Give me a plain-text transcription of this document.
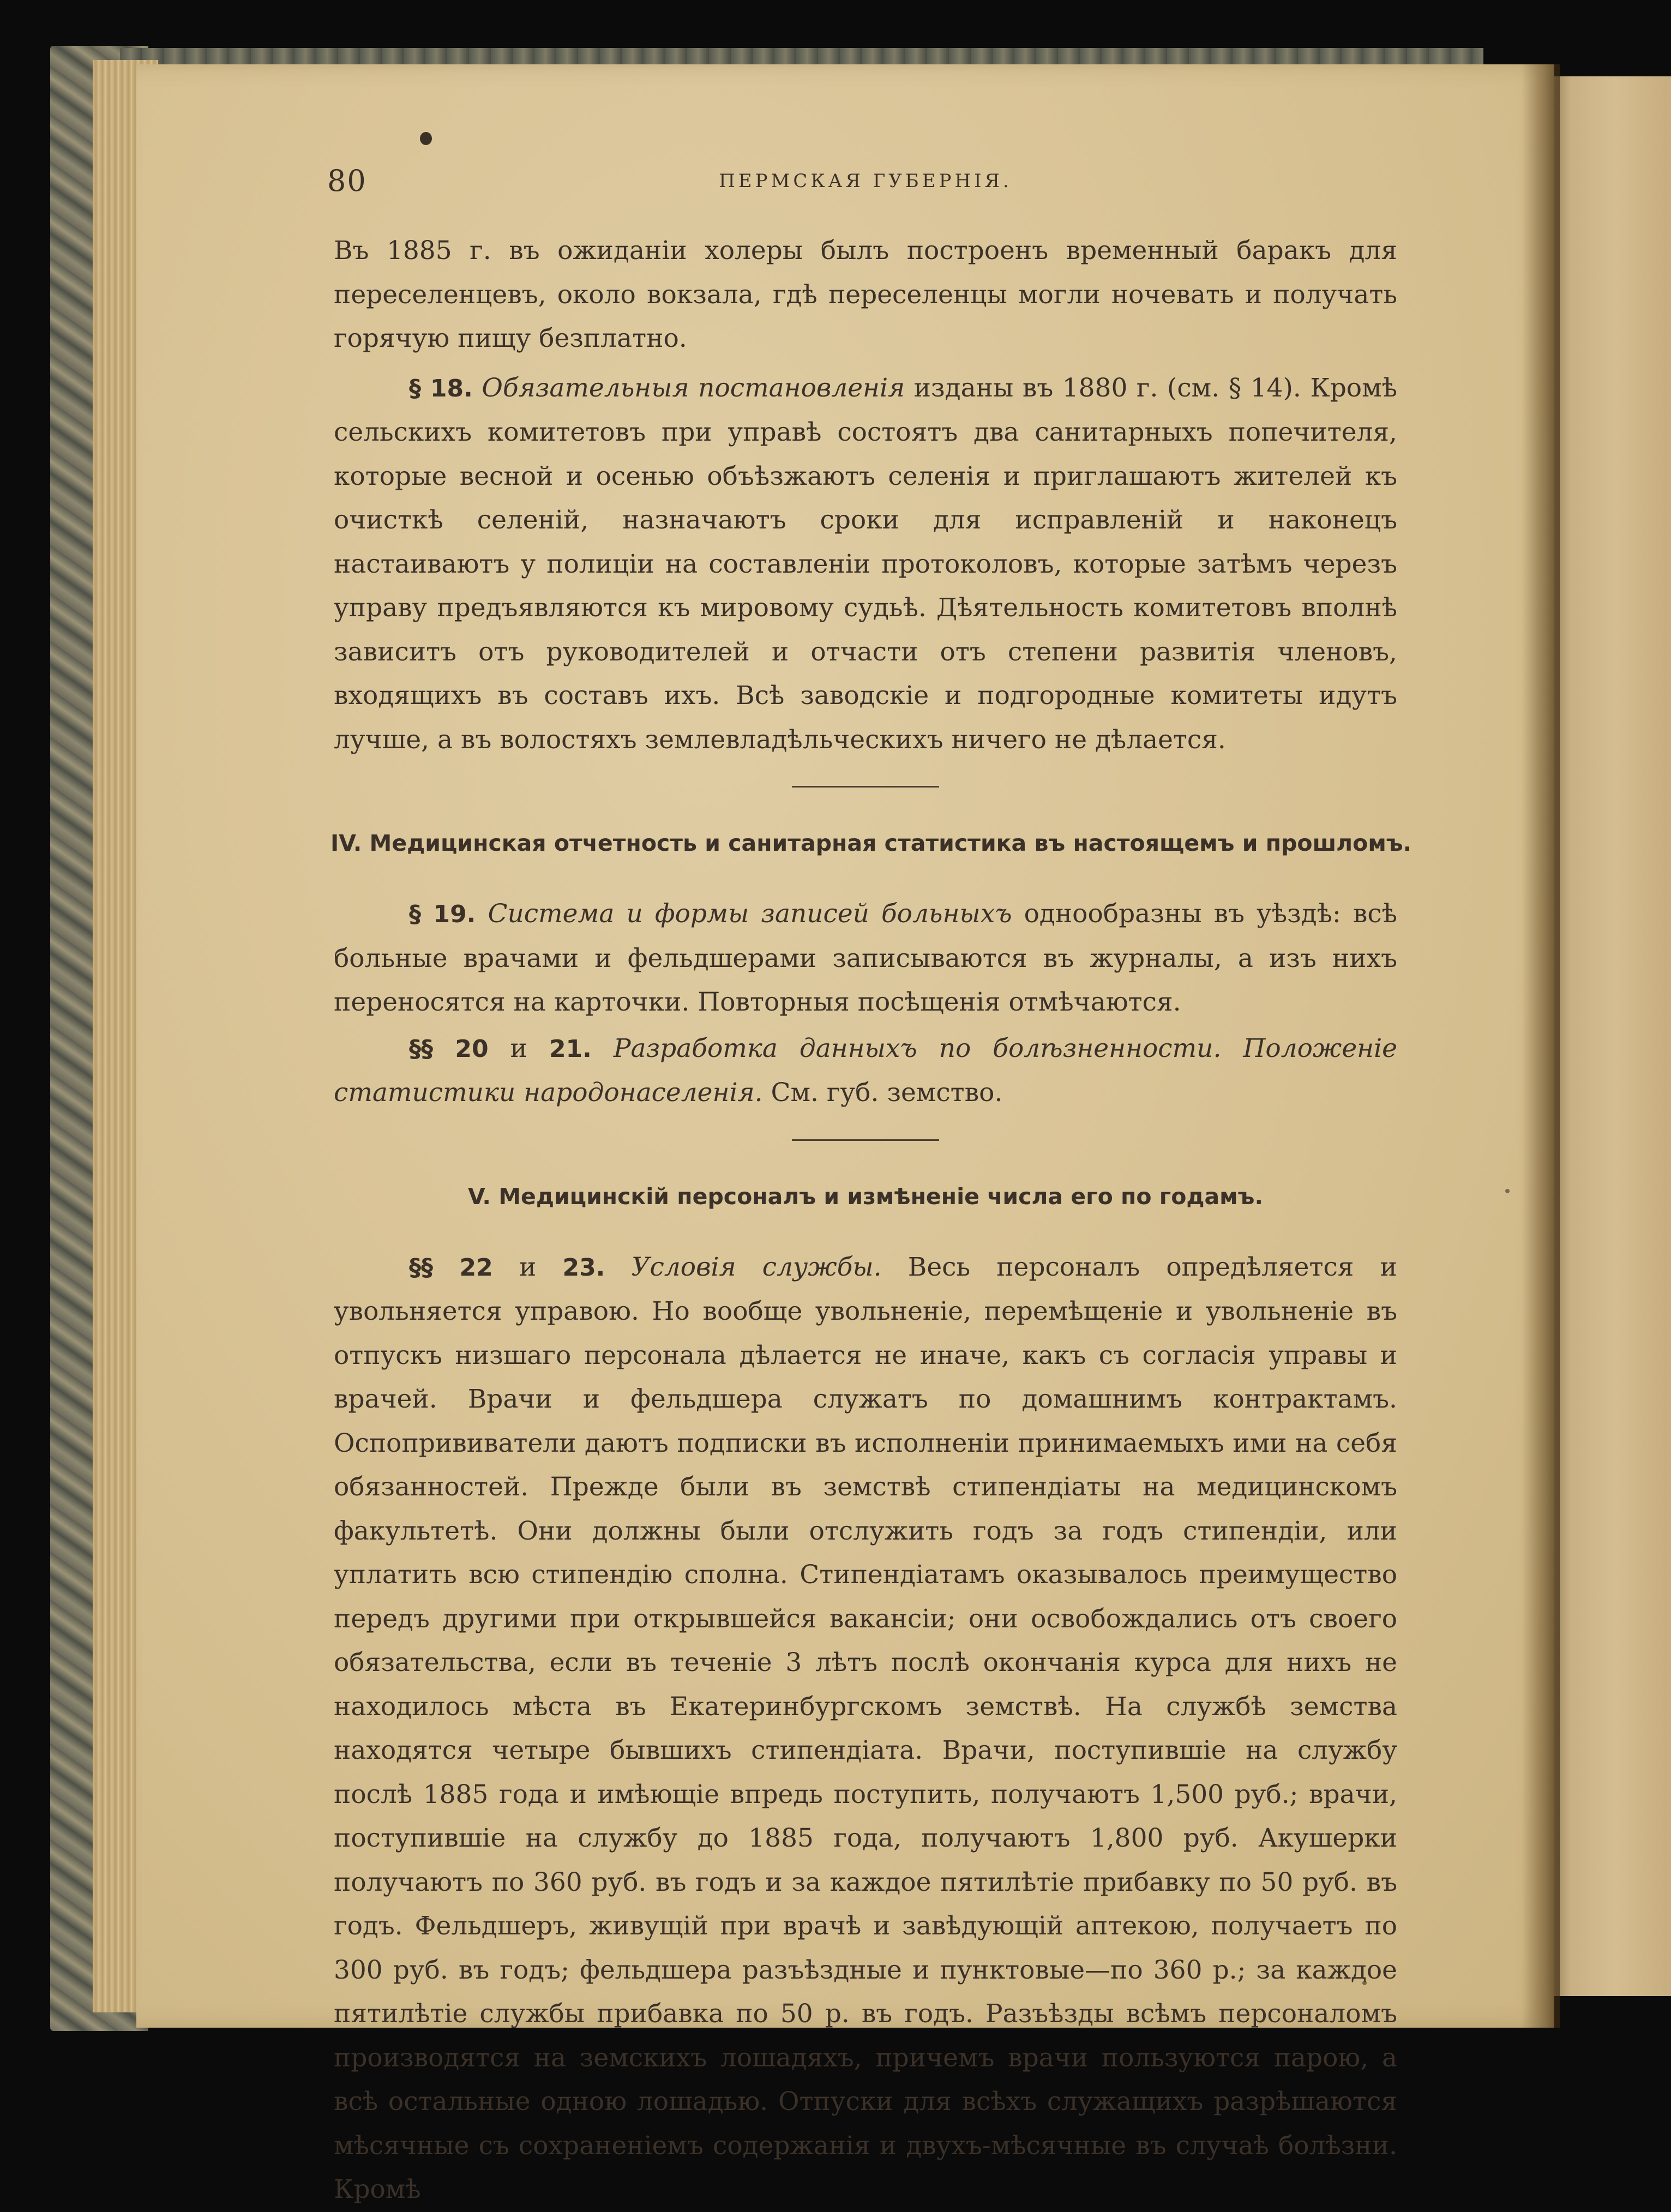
80	ПЕРМСКАЯ ГУБЕРНІЯ.

Въ 1885 г. въ ожиданіи холеры былъ построенъ временный баракъ для переселенцевъ, около вокзала, гдѣ переселенцы могли ночевать и получать горячую пищу безплатно.

§ 18. Обязательныя постановленія изданы въ 1880 г. (см. § 14). Кромѣ сельскихъ комитетовъ при управѣ состоятъ два санитарныхъ попечителя, которые весной и осенью объѣзжаютъ селенія и приглашаютъ жителей къ очисткѣ селеній, назначаютъ сроки для исправленій и наконецъ настаиваютъ у полиціи на составленіи протоколовъ, которые затѣмъ черезъ управу предъявляются къ мировому судьѣ. Дѣятельность комитетовъ вполнѣ зависитъ отъ руководителей и отчасти отъ степени развитія членовъ, входящихъ въ составъ ихъ. Всѣ заводскіе и подгородные комитеты идутъ лучше, а въ волостяхъ землевладѣльческихъ ничего не дѣлается.

IV. Медицинская отчетность и санитарная статистика въ настоящемъ и прошломъ.

§ 19. Система и формы записей больныхъ однообразны въ уѣздѣ: всѣ больные врачами и фельдшерами записываются въ журналы, а изъ нихъ переносятся на карточки. Повторныя посѣщенія отмѣчаются.

§§ 20 и 21. Разработка данныхъ по болѣзненности. Положеніе статистики народонаселенія. См. губ. земство.

V. Медицинскій персоналъ и измѣненіе числа его по годамъ.

§§ 22 и 23. Условія службы. Весь персоналъ опредѣляется и увольняется управою. Но вообще увольненіе, перемѣщеніе и увольненіе въ отпускъ низшаго персонала дѣлается не иначе, какъ съ согласія управы и врачей. Врачи и фельдшера служатъ по домашнимъ контрактамъ. Оспопрививатели даютъ подписки въ исполненіи принимаемыхъ ими на себя обязанностей. Прежде были въ земствѣ стипендіаты на медицинскомъ факультетѣ. Они должны были отслужить годъ за годъ стипендіи, или уплатить всю стипендію сполна. Стипендіатамъ оказывалось преимущество передъ другими при открывшейся вакансіи; они освобождались отъ своего обязательства, если въ теченіе 3 лѣтъ послѣ окончанія курса для нихъ не находилось мѣста въ Екатеринбургскомъ земствѣ. На службѣ земства находятся четыре бывшихъ стипендіата. Врачи, поступившіе на службу послѣ 1885 года и имѣющіе впредь поступить, получаютъ 1,500 руб.; врачи, поступившіе на службу до 1885 года, получаютъ 1,800 руб. Акушерки получаютъ по 360 руб. въ годъ и за каждое пятилѣтіе прибавку по 50 руб. въ годъ. Фельдшеръ, живущій при врачѣ и завѣдующій аптекою, получаетъ по 300 руб. въ годъ; фельдшера разъѣздные и пунктовые—по 360 р.; за каждое пятилѣтіе службы прибавка по 50 р. въ годъ. Разъѣзды всѣмъ персоналомъ производятся на земскихъ лошадяхъ, причемъ врачи пользуются парою, а всѣ остальные одною лошадью. Отпуски для всѣхъ служащихъ разрѣшаются мѣсячные съ сохраненіемъ содержанія и двухъ-мѣсячные въ случаѣ болѣзни. Кромѣ
